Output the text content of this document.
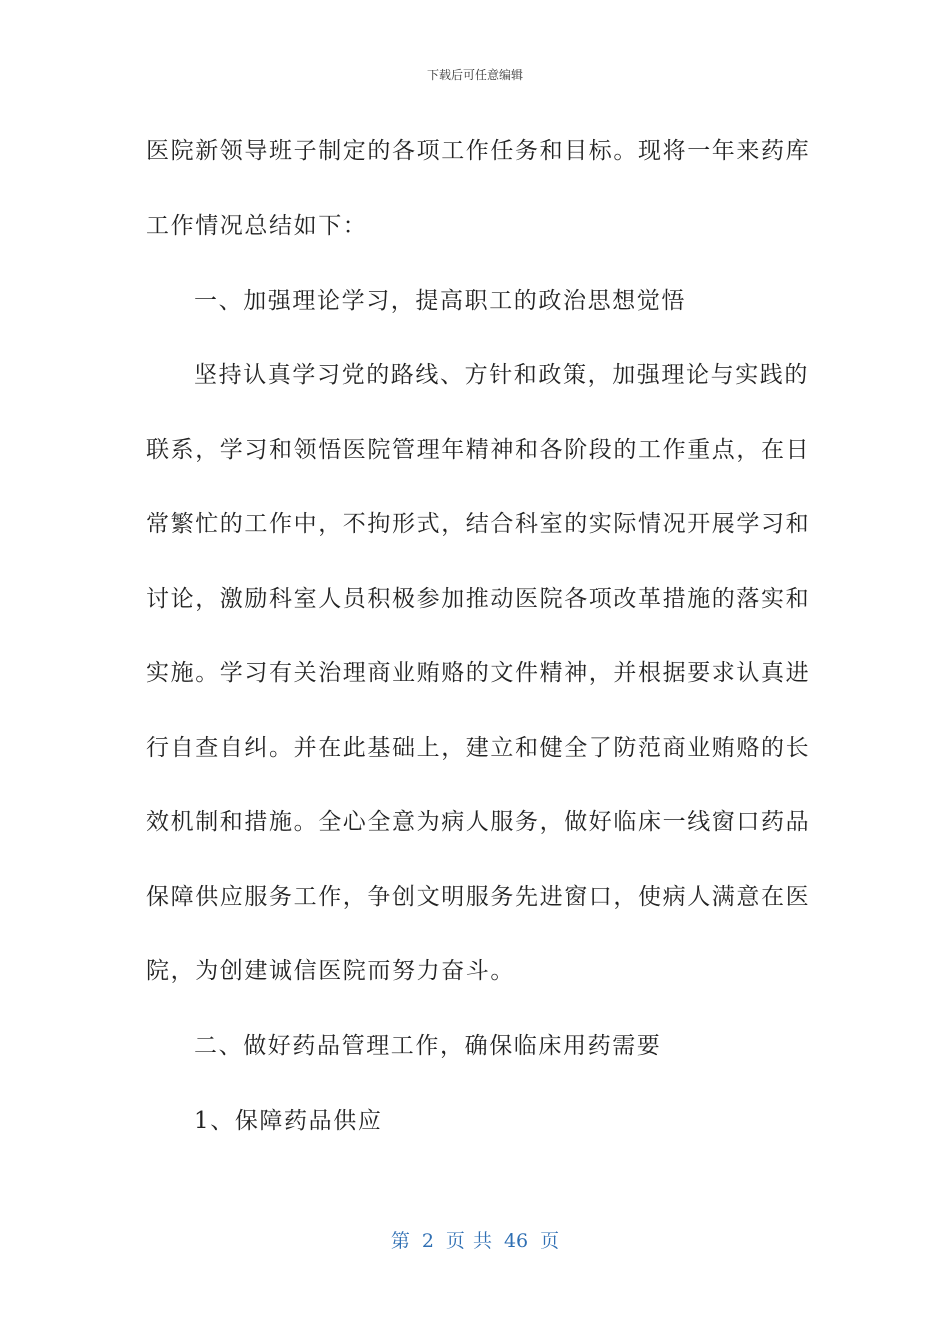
下载后可任意编辑
医院新领导班子制定的各项工作任务和目标。现将一年来药库
工作情况总结如下：
一、加强理论学习，提高职工的政治思想觉悟
坚持认真学习党的路线、方针和政策，加强理论与实践的
联系，学习和领悟医院管理年精神和各阶段的工作重点，在日
常繁忙的工作中，不拘形式，结合科室的实际情况开展学习和
讨论，激励科室人员积极参加推动医院各项改革措施的落实和
实施。学习有关治理商业贿赂的文件精神，并根据要求认真进
行自查自纠。并在此基础上，建立和健全了防范商业贿赂的长
效机制和措施。全心全意为病人服务，做好临床一线窗口药品
保障供应服务工作，争创文明服务先进窗口，使病人满意在医
院，为创建诚信医院而努力奋斗。
二、做好药品管理工作，确保临床用药需要
1、保障药品供应
第 2 页 共 46 页
